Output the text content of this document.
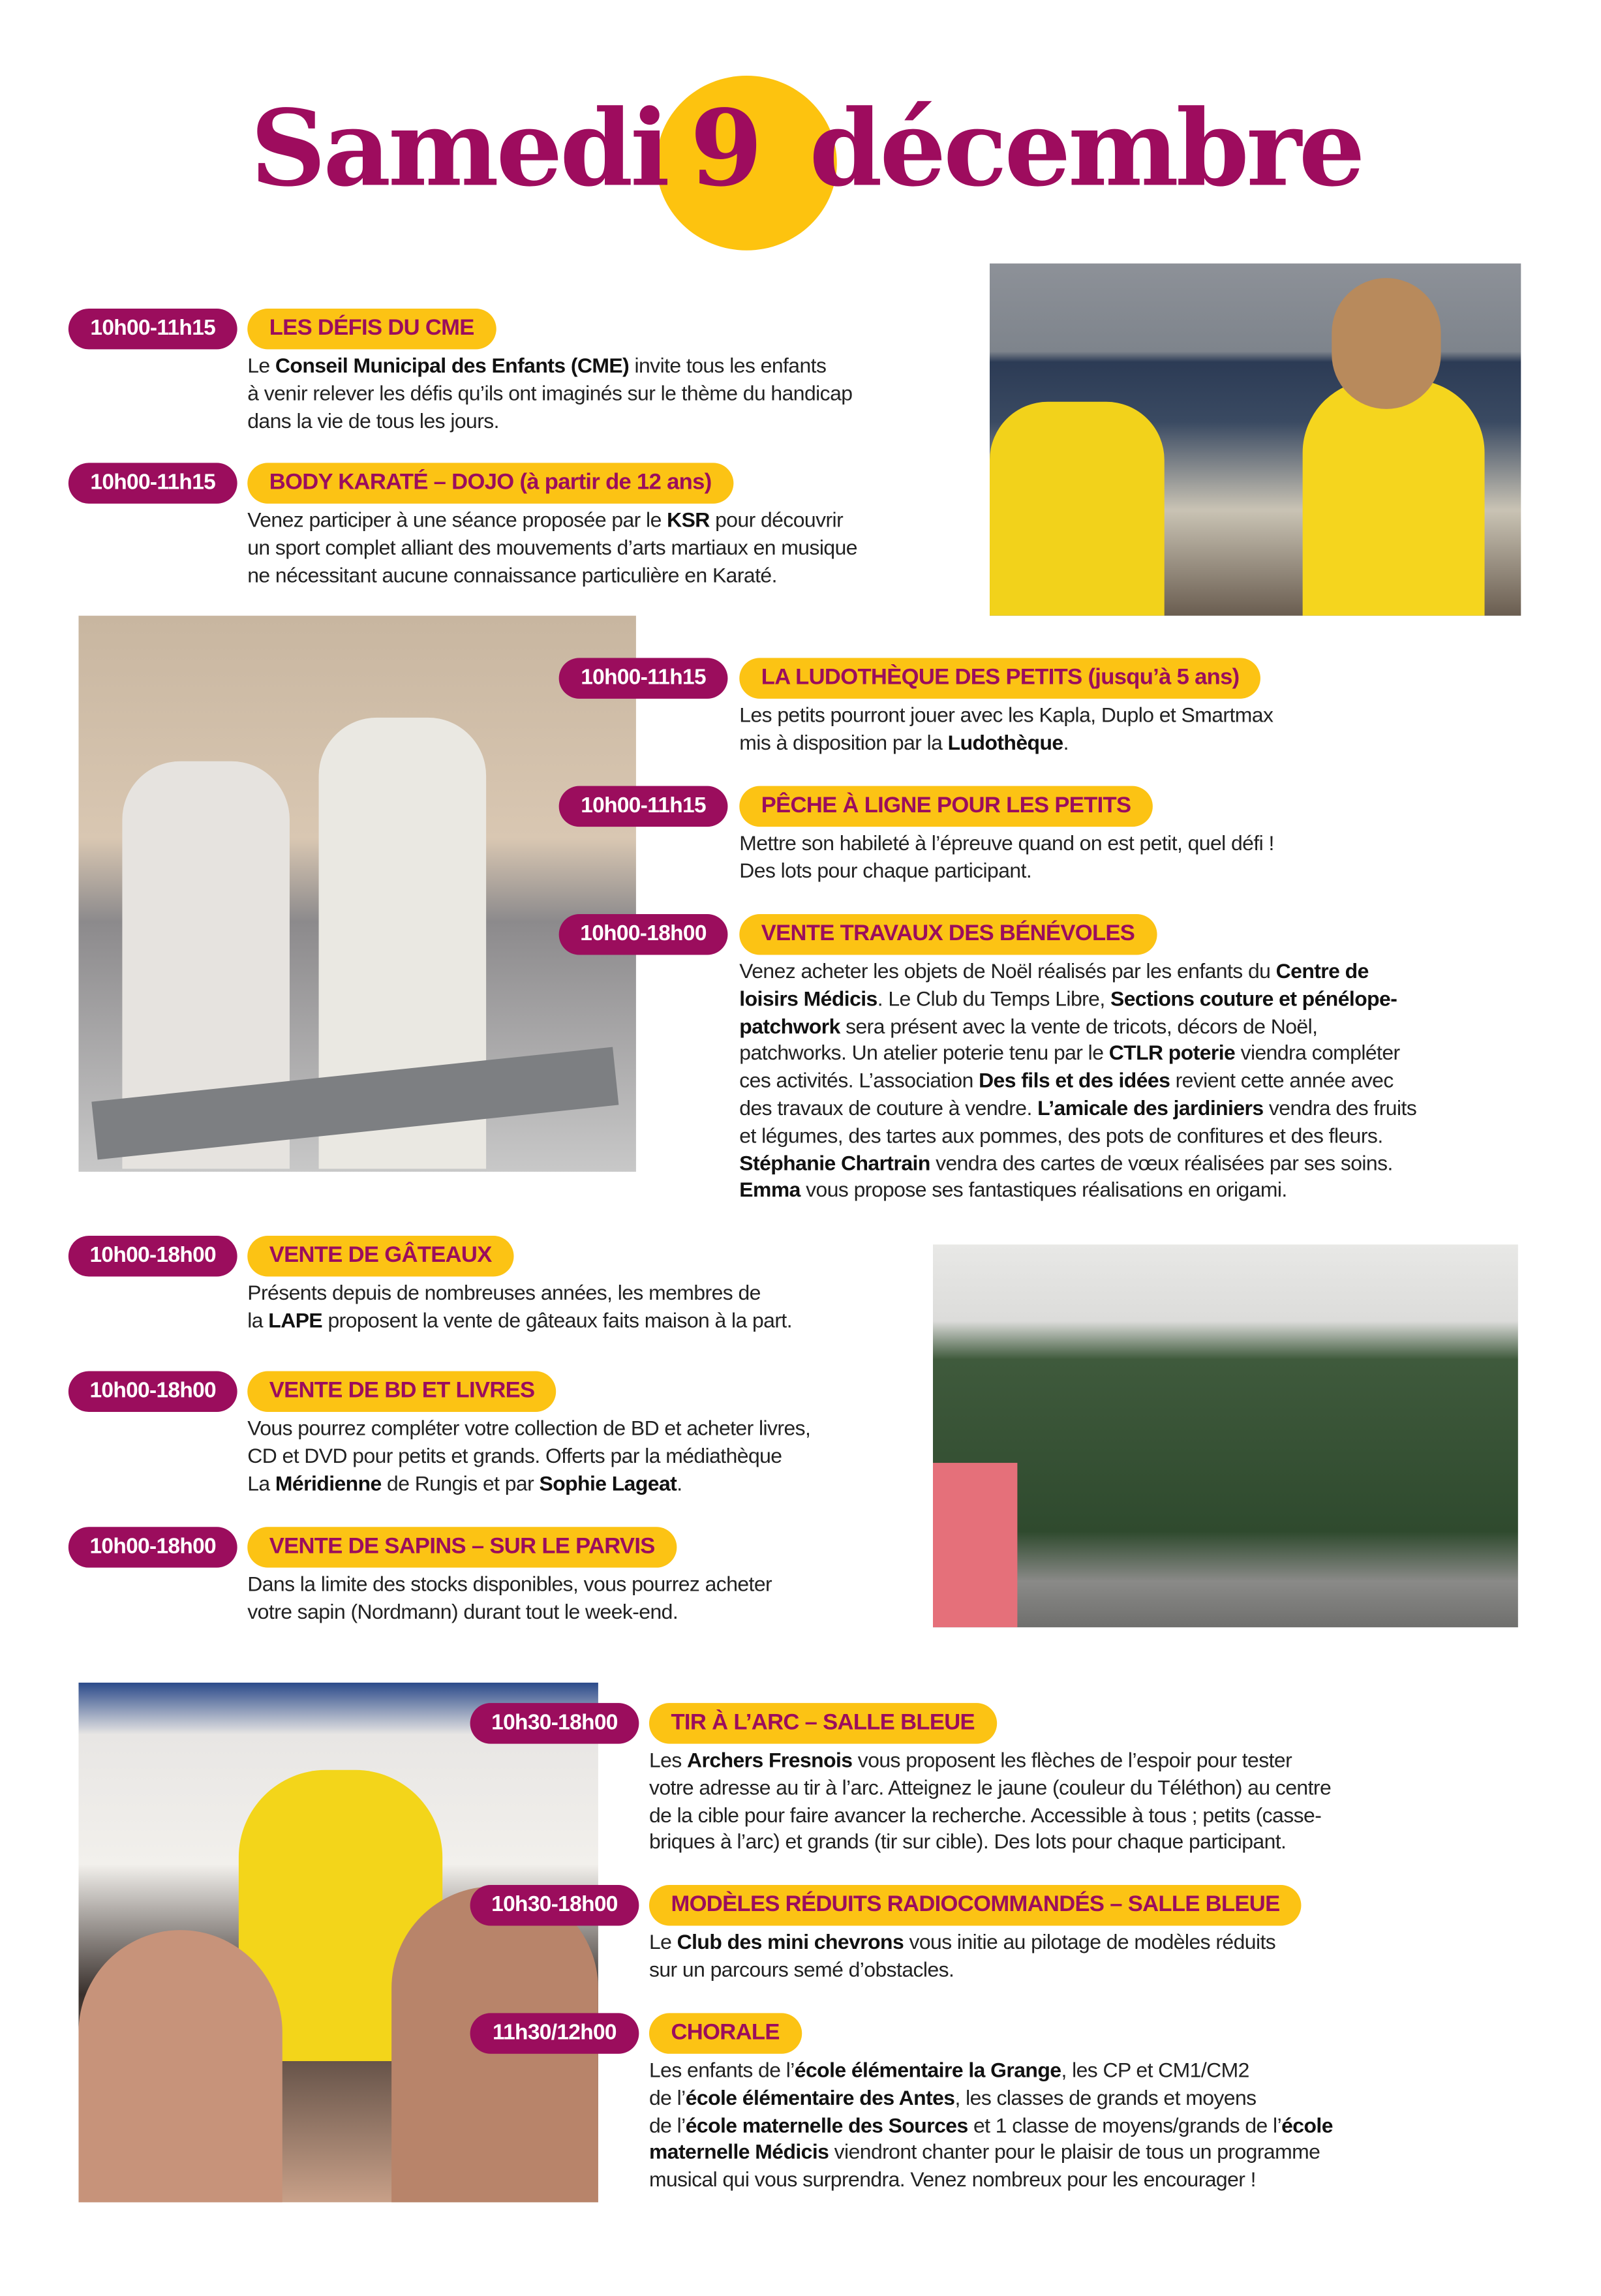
Samedi 9 décembre
10h00-11h15	LES DÉFIS DU CME
Le Conseil Municipal des Enfants (CME) invite tous les enfants
à venir relever les défis qu’ils ont imaginés sur le thème du handicap
dans la vie de tous les jours.
10h00-11h15	BODY KARATÉ – DOJO (à partir de 12 ans)
Venez participer à une séance proposée par le KSR pour découvrir
un sport complet alliant des mouvements d’arts martiaux en musique
ne nécessitant aucune connaissance particulière en Karaté.
10h00-11h15	LA LUDOTHÈQUE DES PETITS (jusqu’à 5 ans)
Les petits pourront jouer avec les Kapla, Duplo et Smartmax
mis à disposition par la Ludothèque.
10h00-11h15	PÊCHE À LIGNE POUR LES PETITS
Mettre son habileté à l’épreuve quand on est petit, quel défi !
Des lots pour chaque participant.
10h00-18h00	VENTE TRAVAUX DES BÉNÉVOLES
Venez acheter les objets de Noël réalisés par les enfants du Centre de
loisirs Médicis. Le Club du Temps Libre, Sections couture et pénélope-
patchwork sera présent avec la vente de tricots, décors de Noël,
patchworks. Un atelier poterie tenu par le CTLR poterie viendra compléter
ces activités. L’association Des fils et des idées revient cette année avec
des travaux de couture à vendre. L’amicale des jardiniers vendra des fruits
et légumes, des tartes aux pommes, des pots de confitures et des fleurs.
Stéphanie Chartrain vendra des cartes de vœux réalisées par ses soins.
Emma vous propose ses fantastiques réalisations en origami.
10h00-18h00	VENTE DE GÂTEAUX
Présents depuis de nombreuses années, les membres de
la LAPE proposent la vente de gâteaux faits maison à la part.
10h00-18h00	VENTE DE BD ET LIVRES
Vous pourrez compléter votre collection de BD et acheter livres,
CD et DVD pour petits et grands. Offerts par la médiathèque
La Méridienne de Rungis et par Sophie Lageat.
10h00-18h00	VENTE DE SAPINS – SUR LE PARVIS
Dans la limite des stocks disponibles, vous pourrez acheter
votre sapin (Nordmann) durant tout le week-end.
10h30-18h00	TIR À L’ARC – SALLE BLEUE
Les Archers Fresnois vous proposent les flèches de l’espoir pour tester
votre adresse au tir à l’arc. Atteignez le jaune (couleur du Téléthon) au centre
de la cible pour faire avancer la recherche. Accessible à tous ; petits (casse-
briques à l’arc) et grands (tir sur cible). Des lots pour chaque participant.
10h30-18h00	MODÈLES RÉDUITS RADIOCOMMANDÉS – SALLE BLEUE
Le Club des mini chevrons vous initie au pilotage de modèles réduits
sur un parcours semé d’obstacles.
11h30/12h00	CHORALE
Les enfants de l’école élémentaire la Grange, les CP et CM1/CM2
de l’école élémentaire des Antes, les classes de grands et moyens
de l’école maternelle des Sources et 1 classe de moyens/grands de l’école
maternelle Médicis viendront chanter pour le plaisir de tous un programme
musical qui vous surprendra. Venez nombreux pour les encourager !
